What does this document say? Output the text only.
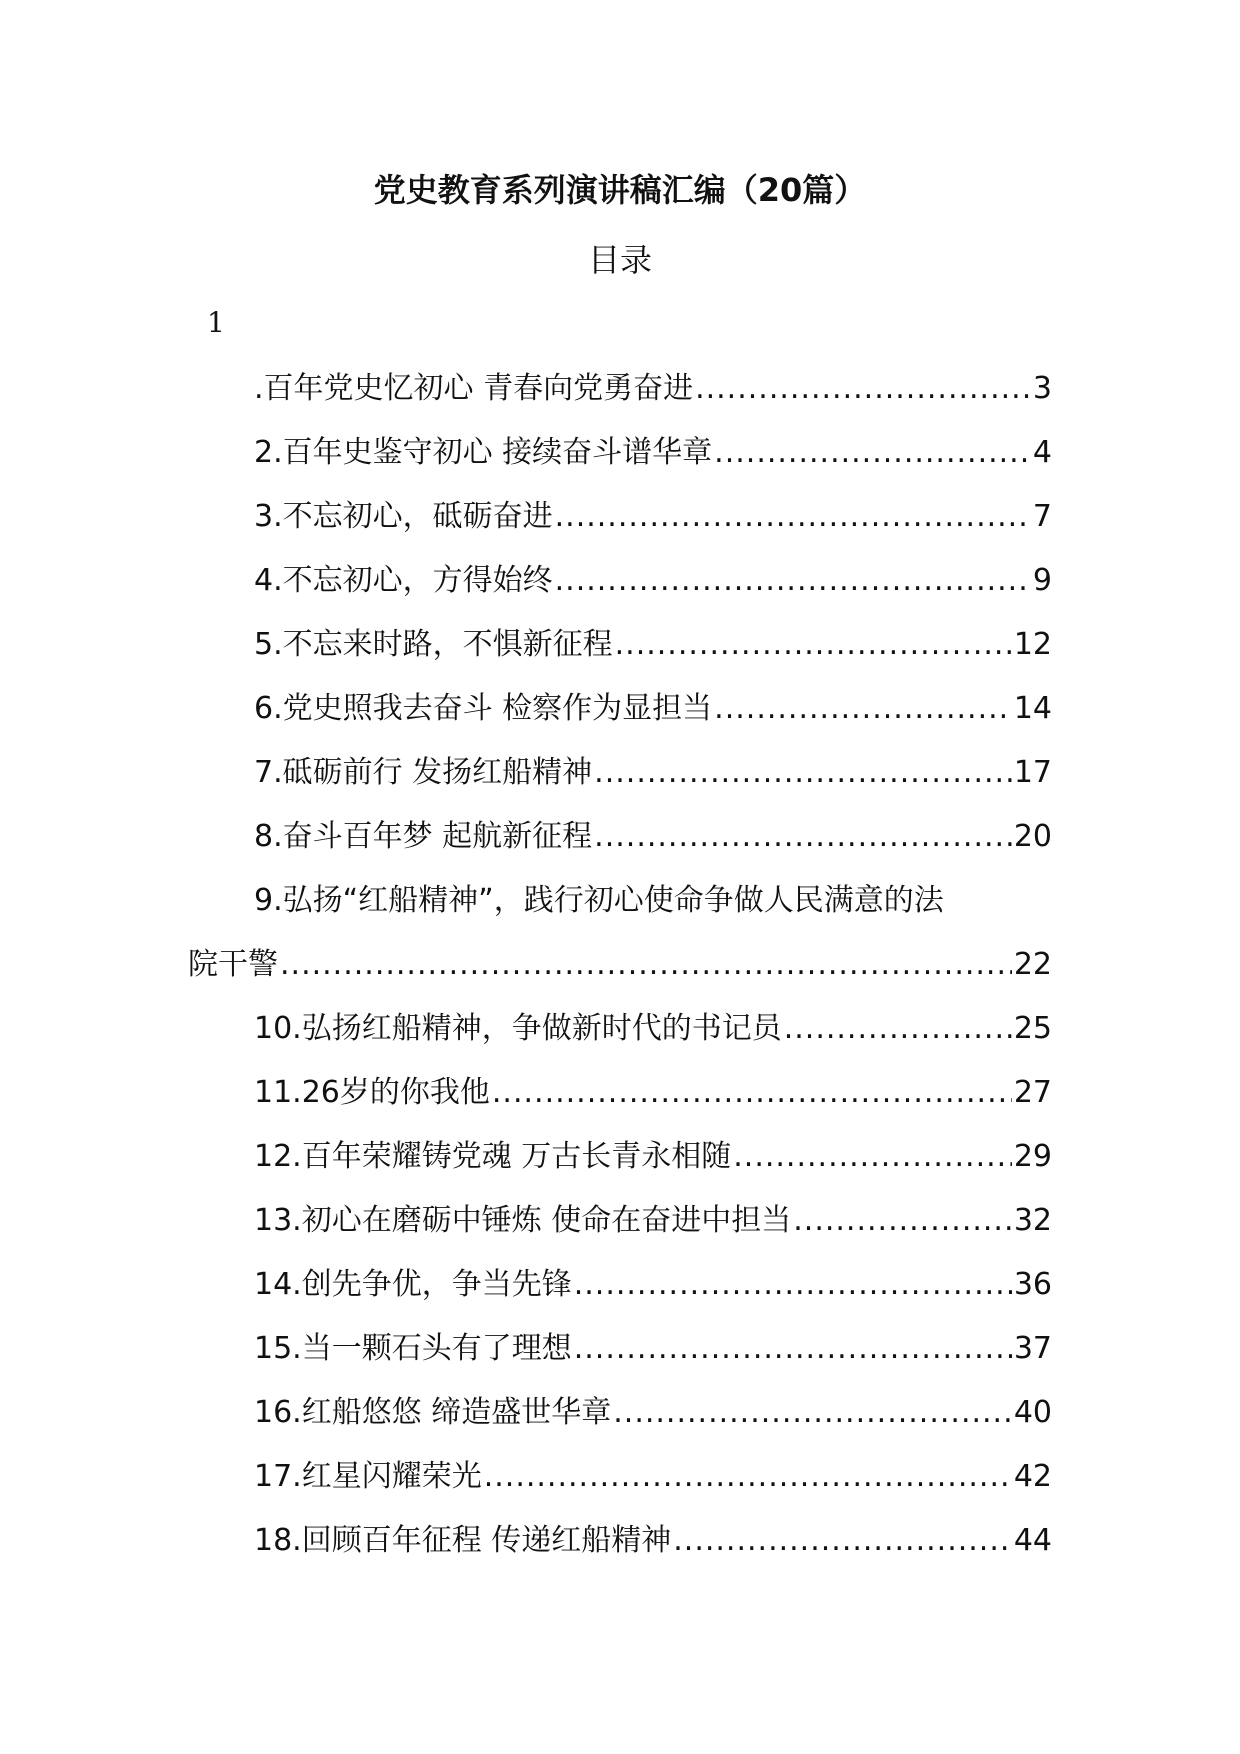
党史教育系列演讲稿汇编（20篇）
目录
1
.百年党史忆初心 青春向党勇奋进 .....	3
2.百年史鉴守初心 接续奋斗谱华章 .....	4
3.不忘初心，砥砺奋进 .....	7
4.不忘初心，方得始终 .....	9
5.不忘来时路，不惧新征程 .....	12
6.党史照我去奋斗 检察作为显担当 .....	14
7.砥砺前行 发扬红船精神 .....	17
8.奋斗百年梦 起航新征程 .....	20
9.弘扬“红船精神”，践行初心使命争做人民满意的法
院干警 .....	22
10.弘扬红船精神，争做新时代的书记员 .....	25
11.26岁的你我他 .....	27
12.百年荣耀铸党魂 万古长青永相随 .....	29
13.初心在磨砺中锤炼 使命在奋进中担当 .....	32
14.创先争优，争当先锋 .....	36
15.当一颗石头有了理想 .....	37
16.红船悠悠 缔造盛世华章 .....	40
17.红星闪耀荣光 .....	42
18.回顾百年征程 传递红船精神 .....	44
